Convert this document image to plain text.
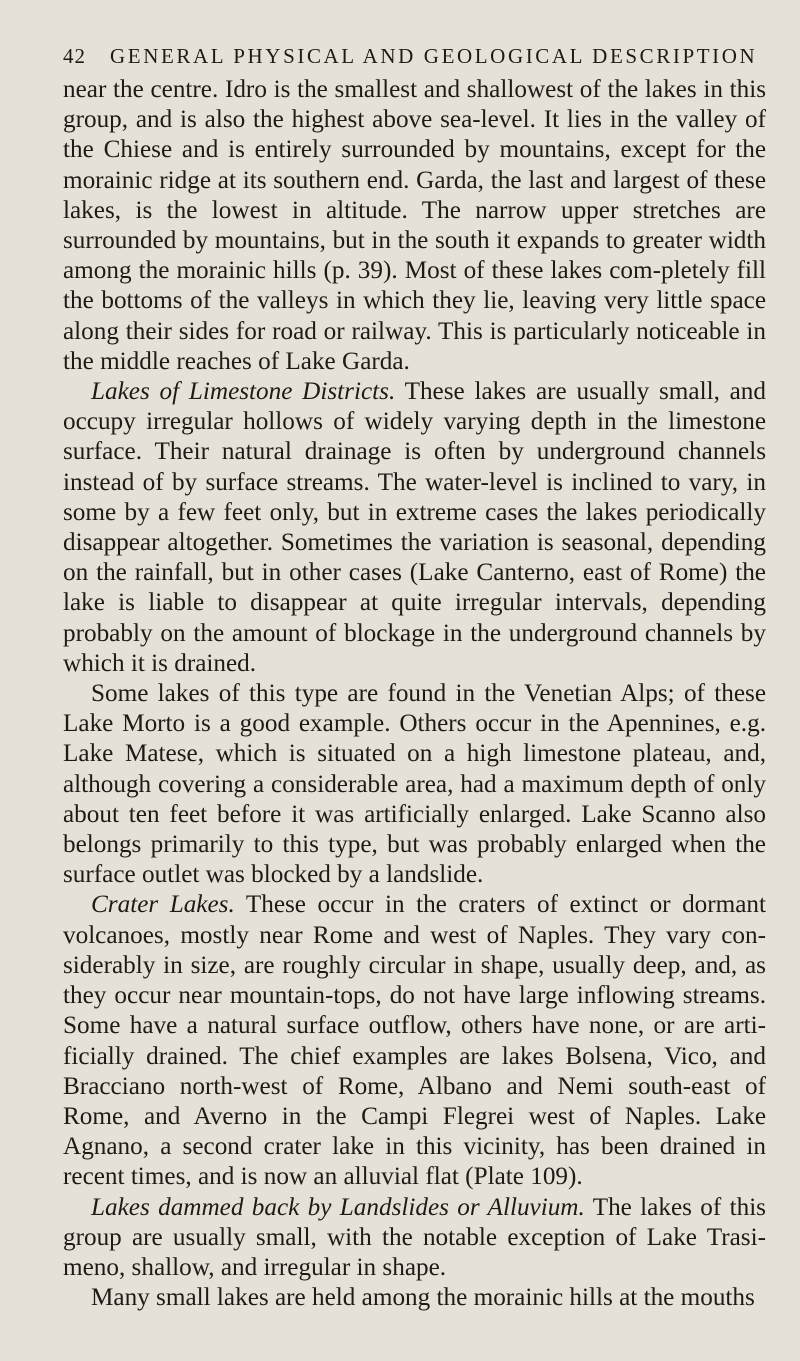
42	GENERAL PHYSICAL AND GEOLOGICAL DESCRIPTION

near the centre. Idro is the smallest and shallowest of the lakes in this group, and is also the highest above sea-level. It lies in the valley of the Chiese and is entirely surrounded by mountains, except for the morainic ridge at its southern end. Garda, the last and largest of these lakes, is the lowest in altitude. The narrow upper stretches are surrounded by mountains, but in the south it expands to greater width among the morainic hills (p. 39). Most of these lakes com-pletely fill the bottoms of the valleys in which they lie, leaving very little space along their sides for road or railway. This is particularly noticeable in the middle reaches of Lake Garda.

Lakes of Limestone Districts. These lakes are usually small, and occupy irregular hollows of widely varying depth in the limestone surface. Their natural drainage is often by underground channels instead of by surface streams. The water-level is inclined to vary, in some by a few feet only, but in extreme cases the lakes periodically disappear altogether. Sometimes the variation is seasonal, depending on the rainfall, but in other cases (Lake Canterno, east of Rome) the lake is liable to disappear at quite irregular intervals, depending probably on the amount of blockage in the underground channels by which it is drained.

Some lakes of this type are found in the Venetian Alps; of these Lake Morto is a good example. Others occur in the Apennines, e.g. Lake Matese, which is situated on a high limestone plateau, and, although covering a considerable area, had a maximum depth of only about ten feet before it was artificially enlarged. Lake Scanno also belongs primarily to this type, but was probably enlarged when the surface outlet was blocked by a landslide.

Crater Lakes. These occur in the craters of extinct or dormant volcanoes, mostly near Rome and west of Naples. They vary con-siderably in size, are roughly circular in shape, usually deep, and, as they occur near mountain-tops, do not have large inflowing streams. Some have a natural surface outflow, others have none, or are arti-ficially drained. The chief examples are lakes Bolsena, Vico, and Bracciano north-west of Rome, Albano and Nemi south-east of Rome, and Averno in the Campi Flegrei west of Naples. Lake Agnano, a second crater lake in this vicinity, has been drained in recent times, and is now an alluvial flat (Plate 109).

Lakes dammed back by Landslides or Alluvium. The lakes of this group are usually small, with the notable exception of Lake Trasi-meno, shallow, and irregular in shape.

Many small lakes are held among the morainic hills at the mouths
